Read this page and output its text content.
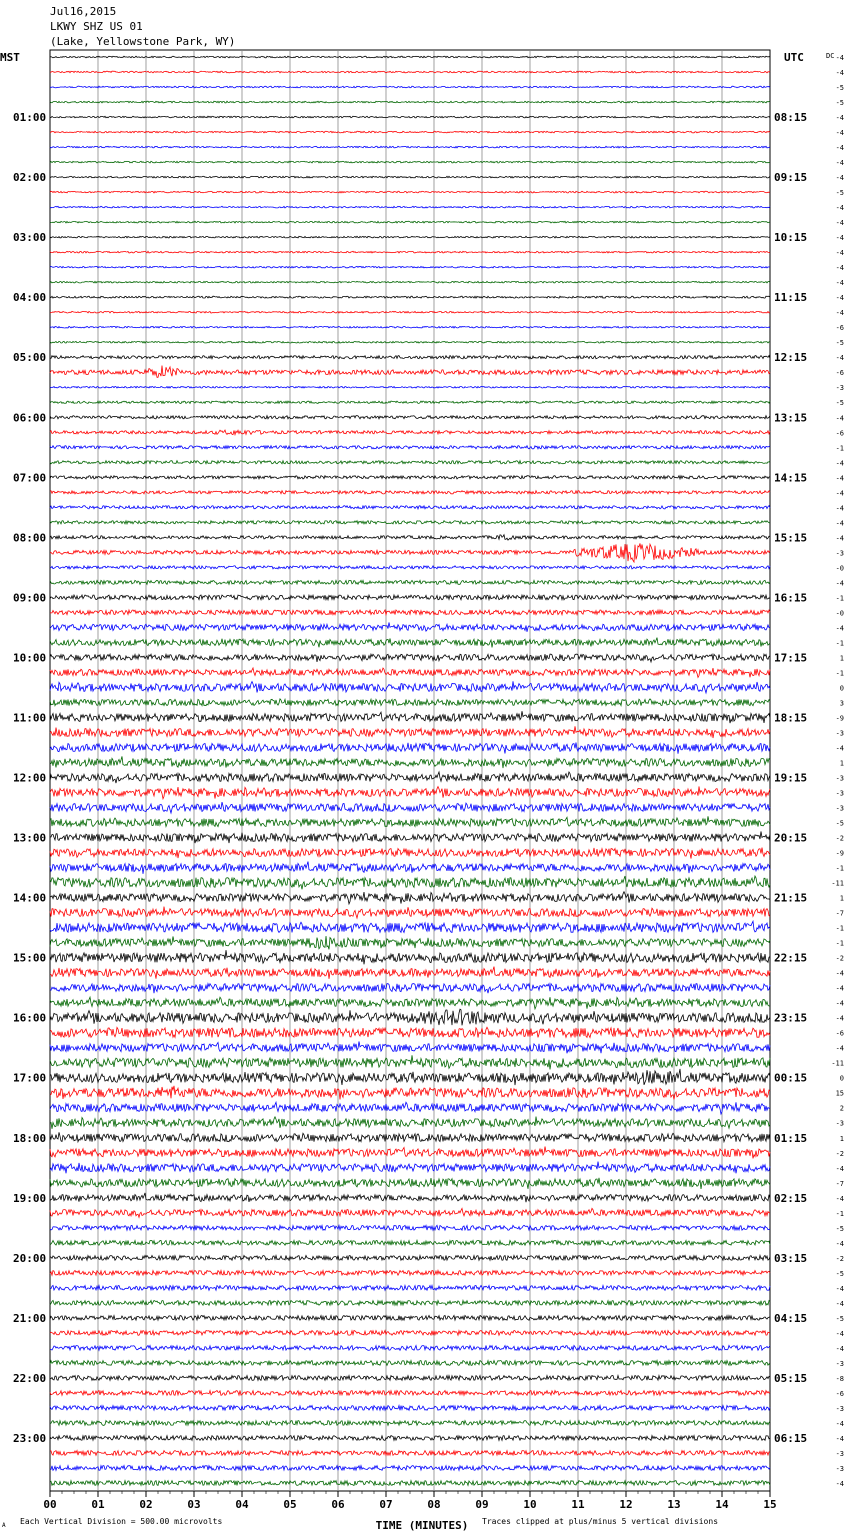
Jul16,2015
LKWY SHZ US 01
(Lake, Yellowstone Park, WY)
MST	UTC	DC
01:00
02:00
03:00
04:00
05:00
06:00
07:00
08:00
09:00
10:00
11:00
12:00
13:00
14:00
15:00
16:00
17:00
18:00
19:00
20:00
21:00
22:00
23:00
08:15
09:15
10:15
11:15
12:15
13:15
14:15
15:15
16:15
17:15
18:15
19:15
20:15
21:15
22:15
23:15
00:15
01:15
02:15
03:15
04:15
05:15
06:15
-4
-4
-5
-5
-4
-4
-4
-4
-4
-5
-4
-4
-4
-4
-4
-4
-4
-4
-6
-5
-4
-6
-3
-5
-4
-6
-1
-4
-4
-4
-4
-4
-4
-3
-0
-4
-1
-0
-4
-1
1
-1
0
3
-9
-3
-4
1
-3
-3
-3
-5
-2
-9
-1
-11
1
-7
-1
-1
-2
-4
-4
-4
-4
-6
-4
-11
0
15
2
-3
1
-2
-4
-7
-4
-1
-5
-4
-2
-5
-4
-4
-5
-4
-4
-3
-8
-6
-3
-4
-4
-3
-3
-4
00	01	02	03	04	05	06	07	08	09	10	11	12	13	14	15
TIME (MINUTES)
A Each Vertical Division = 500.00 microvolts	Traces clipped at plus/minus 5 vertical divisions
